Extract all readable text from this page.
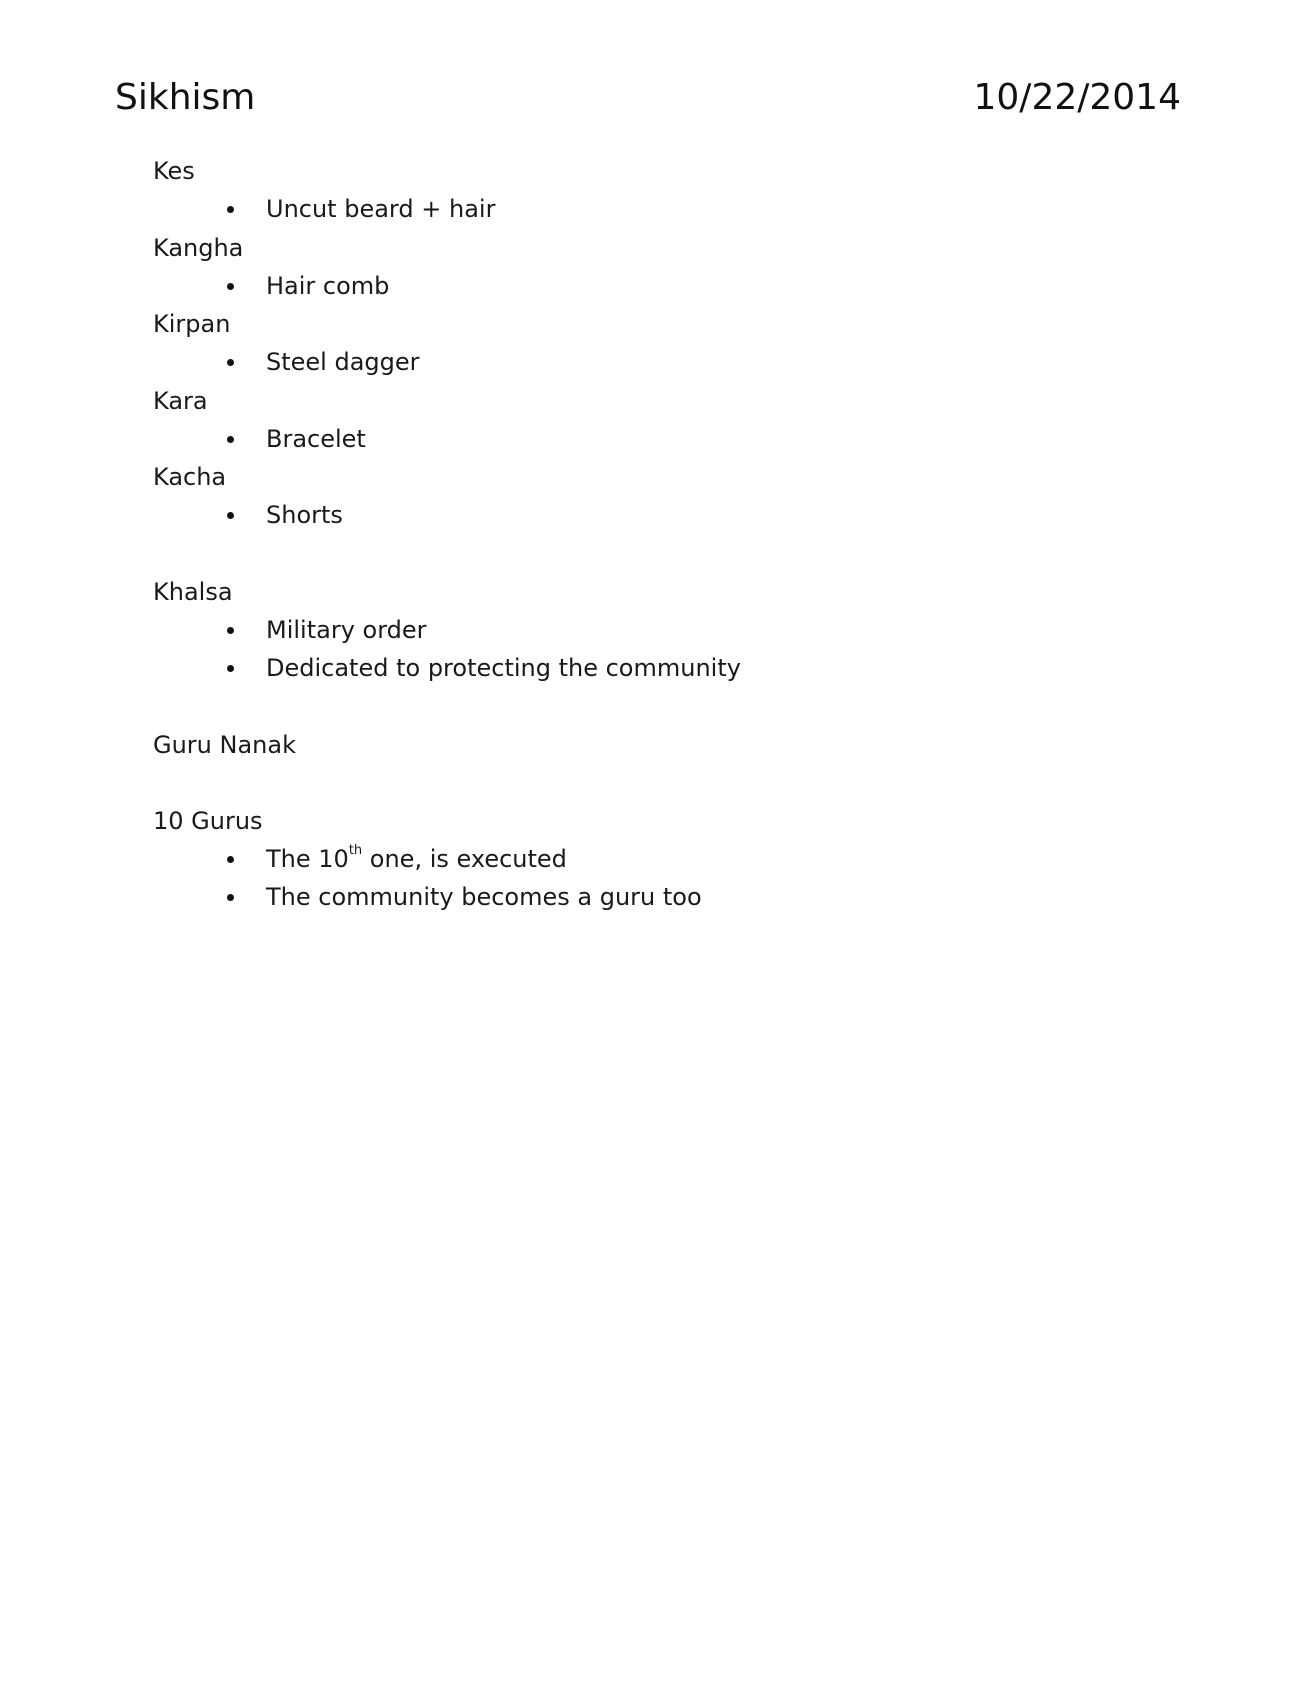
Sikhism	10/22/2014
Kes
Uncut beard + hair
Kangha
Hair comb
Kirpan
Steel dagger
Kara
Bracelet
Kacha
Shorts
Khalsa
Military order
Dedicated to protecting the community
Guru Nanak
10 Gurus
The 10th one, is executed
The community becomes a guru too
